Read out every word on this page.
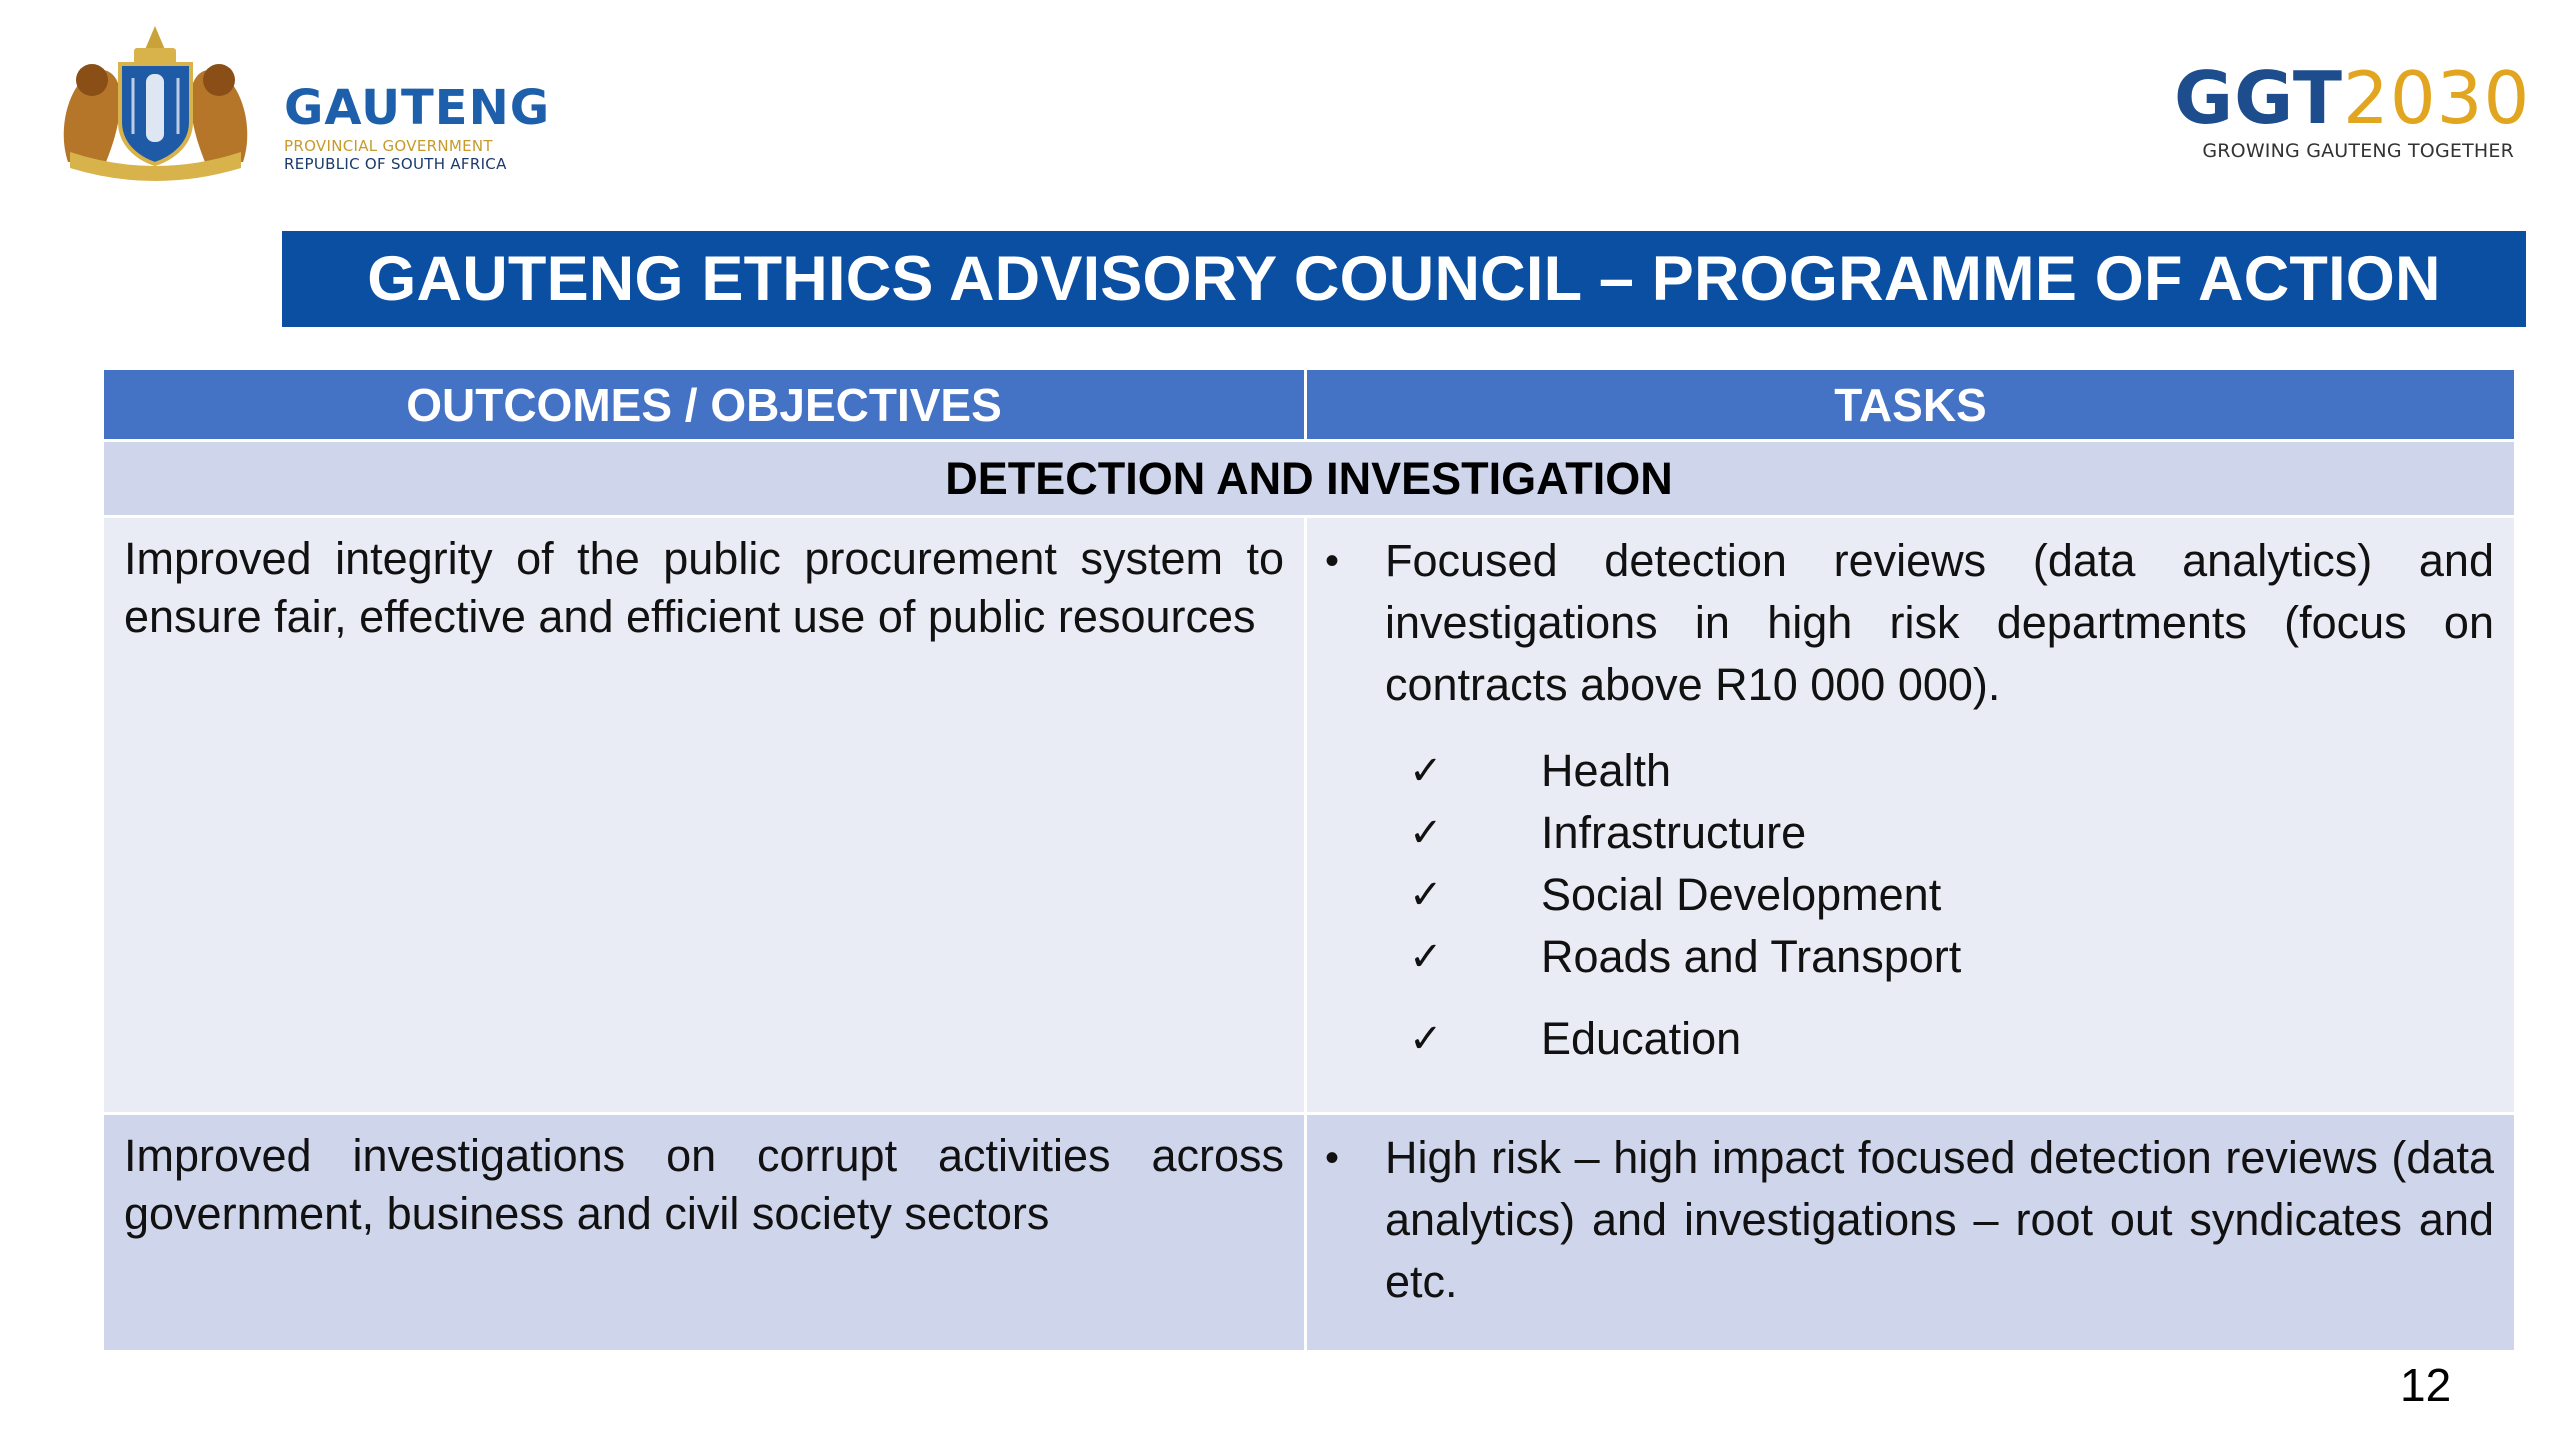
GAUTENG
PROVINCIAL GOVERNMENT
REPUBLIC OF SOUTH AFRICA
GGT2030
GROWING GAUTENG TOGETHER
GAUTENG ETHICS ADVISORY COUNCIL – PROGRAMME OF ACTION
OUTCOMES / OBJECTIVES	TASKS
DETECTION AND INVESTIGATION
Improved integrity of the public procurement system to ensure fair, effective and efficient use of public resources
•	Focused detection reviews (data analytics) and investigations in high risk departments (focus on contracts above R10 000 000).
✓	Health
✓	Infrastructure
✓	Social Development
✓	Roads and Transport
✓	Education
Improved investigations on corrupt activities across government, business and civil society sectors
•	High risk – high impact focused detection reviews (data analytics) and investigations – root out syndicates and etc.
12
